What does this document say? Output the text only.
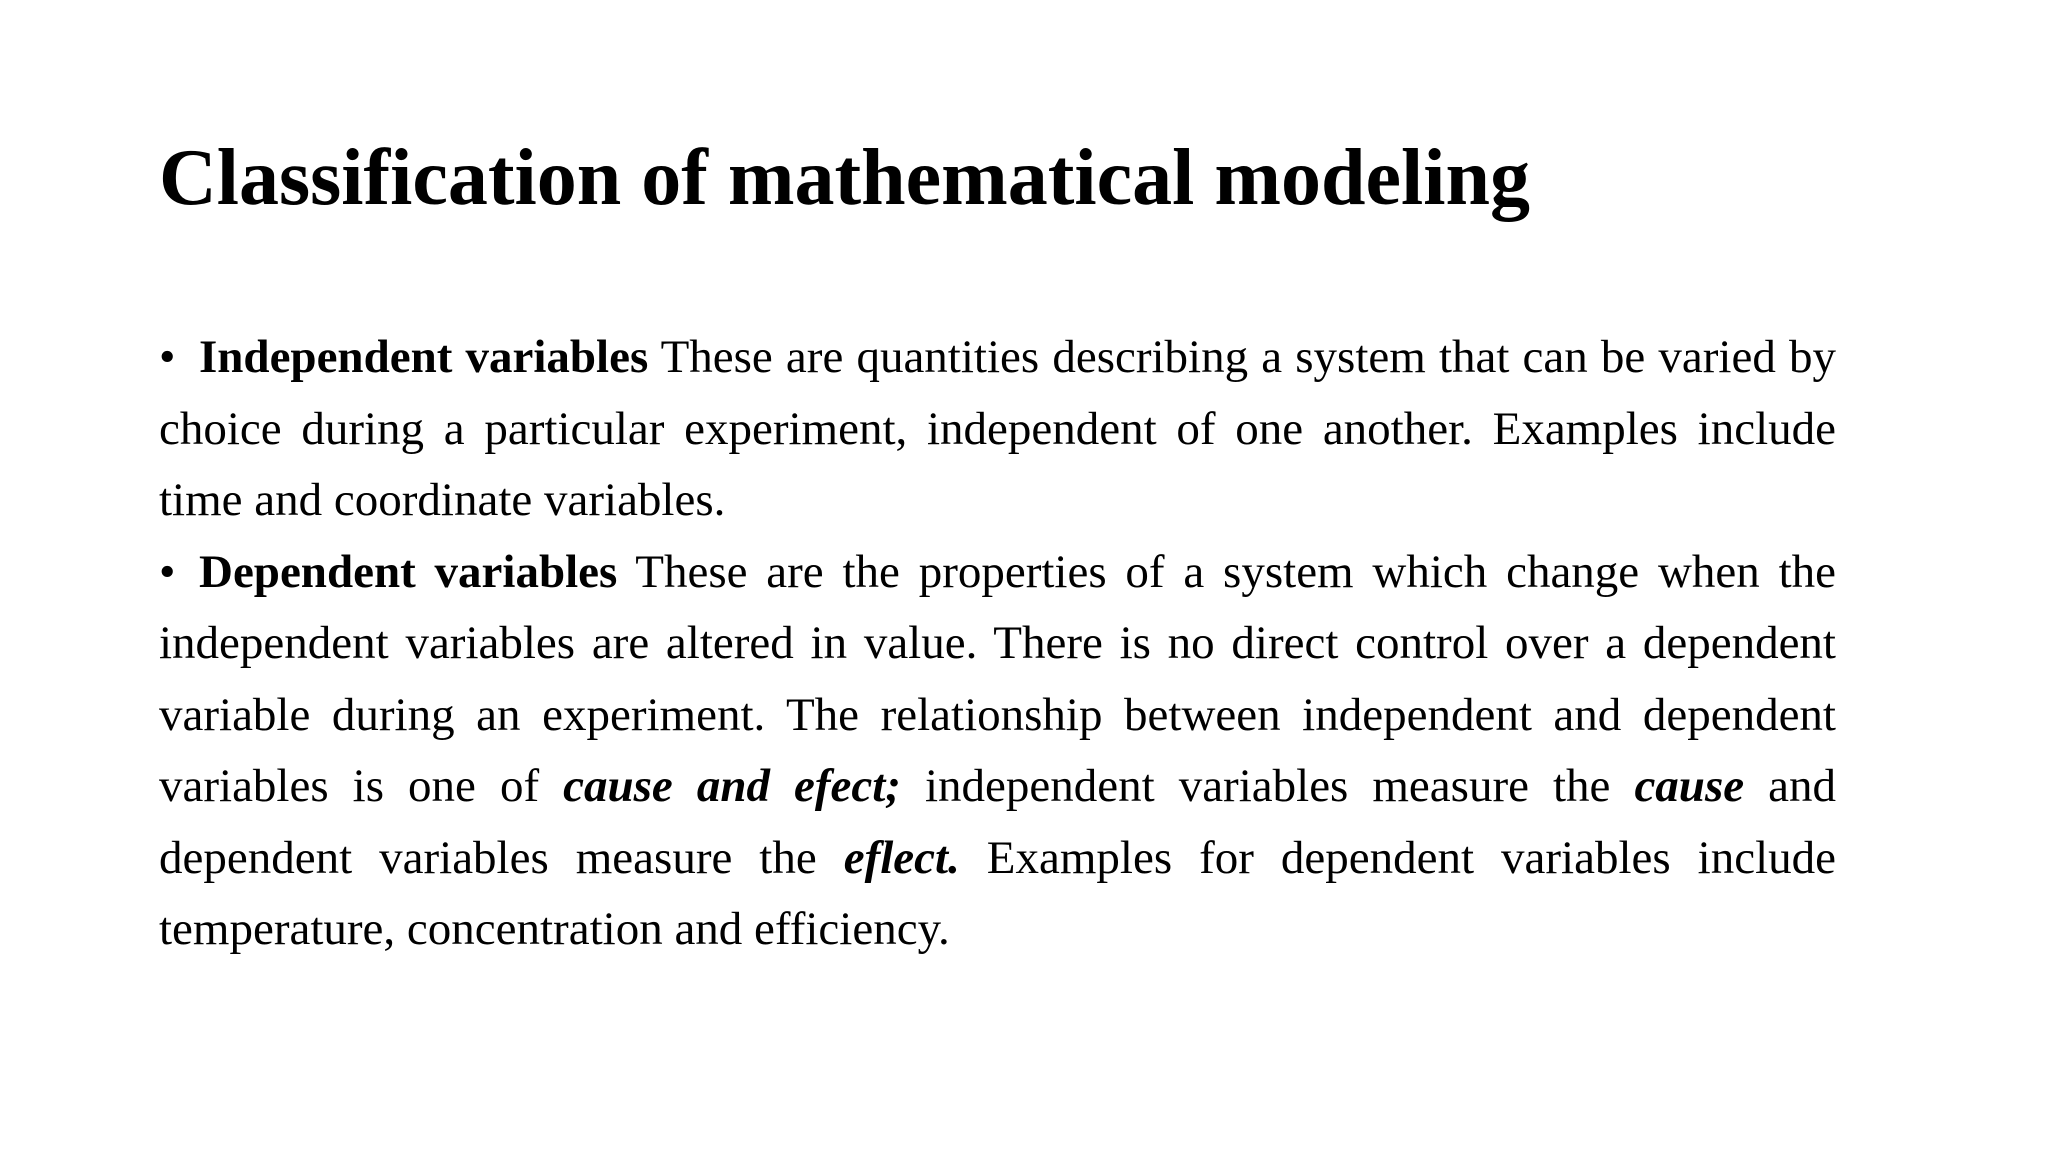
Classification of mathematical modeling

• Independent variables These are quantities describing a system that can be varied by choice during a particular experiment, independent of one another. Examples include time and coordinate variables.

• Dependent variables These are the properties of a system which change when the independent variables are altered in value. There is no direct control over a dependent variable during an experiment. The relationship between independent and dependent variables is one of cause and efect; independent variables measure the cause and dependent variables measure the eflect. Examples for dependent variables include temperature, concentration and efficiency.
